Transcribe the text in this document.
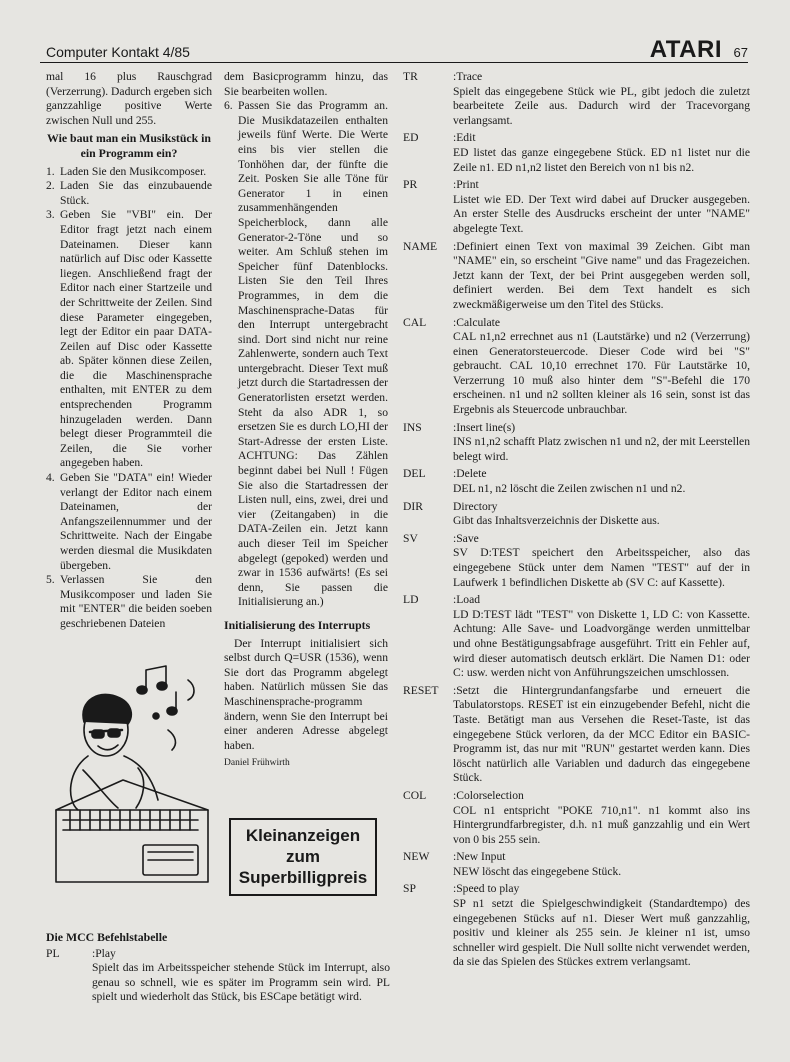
Computer Kontakt 4/85	ATARI 67

mal 16 plus Rauschgrad (Verzerrung). Dadurch ergeben sich ganzzahlige positive Werte zwischen Null und 255.

Wie baut man ein Musikstück in ein Programm ein?
1. Laden Sie den Musikcomposer.
2. Laden Sie das einzubauende Stück.
3. Geben Sie "VBI" ein. Der Editor fragt jetzt nach einem Dateinamen. Dieser kann natürlich auf Disc oder Kassette liegen. Anschließend fragt der Editor nach einer Startzeile und der Schrittweite der Zeilen. Sind diese Parameter eingegeben, legt der Editor ein paar DATA-Zeilen auf Disc oder Kassette ab. Später können diese Zeilen, die die Maschinensprache enthalten, mit ENTER zu dem entsprechenden Programm hinzugeladen werden. Dann belegt dieser Programmteil die Zeilen, die Sie vorher angegeben haben.
4. Geben Sie "DATA" ein! Wieder verlangt der Editor nach einem Dateinamen, der Anfangszeilennummer und der Schrittweite. Nach der Eingabe werden diesmal die Musikdaten übergeben.
5. Verlassen Sie den Musikcomposer und laden Sie mit "ENTER" die beiden soeben geschriebenen Dateien

dem Basicprogramm hinzu, das Sie bearbeiten wollen.

6. Passen Sie das Programm an. Die Musikdatazeilen enthalten jeweils fünf Werte. Die Werte eins bis vier stellen die Tonhöhen dar, der fünfte die Zeit. Posken Sie alle Töne für Generator 1 in einen zusammenhängenden Speicherblock, dann alle Generator-2-Töne und so weiter. Am Schluß stehen im Speicher fünf Datenblocks. Listen Sie den Teil Ihres Programmes, in dem die Maschinensprache-Datas für den Interrupt untergebracht sind. Dort sind nicht nur reine Zahlenwerte, sondern auch Text untergebracht. Dieser Text muß jetzt durch die Startadressen der Generatorlisten ersetzt werden. Steht da also ADR 1, so ersetzen Sie es durch LO,HI der Start-Adresse der ersten Liste. ACHTUNG: Das Zählen beginnt dabei bei Null ! Fügen Sie also die Startadressen der Listen null, eins, zwei, drei und vier (Zeitangaben) in die DATA-Zeilen ein. Jetzt kann auch dieser Teil im Speicher abgelegt (gepoked) werden und zwar in 1536 aufwärts! (Es sei denn, Sie passen die Initialisierung an.)
Initialisierung des Interrupts

Der Interrupt initialisiert sich selbst durch Q=USR (1536), wenn Sie dort das Programm abgelegt haben. Natürlich müssen Sie das Maschinensprache-programm ändern, wenn Sie den Interrupt bei einer anderen Adresse abgelegt haben.

Daniel Frühwirth
Kleinanzeigen
zum
Superbilligpreis
Die MCC Befehlstabelle
PL	:Play
Spielt das im Arbeitsspeicher stehende Stück im Interrupt, also genau so schnell, wie es später im Programm sein wird. PL spielt und wiederholt das Stück, bis ESCape betätigt wird.
TR	:Trace
Spielt das eingegebene Stück wie PL, gibt jedoch die zuletzt bearbeitete Zeile aus. Dadurch wird der Tracevorgang verlangsamt.
ED	:Edit
ED listet das ganze eingegebene Stück. ED n1 listet nur die Zeile n1. ED n1,n2 listet den Bereich von n1 bis n2.
PR	:Print
Listet wie ED. Der Text wird dabei auf Drucker ausgegeben. An erster Stelle des Ausdrucks erscheint der unter "NAME" abgelegte Text.
NAME	:Definiert einen Text von maximal 39 Zeichen. Gibt man "NAME" ein, so erscheint "Give name" und das Fragezeichen. Jetzt kann der Text, der bei Print ausgegeben werden soll, definiert werden. Bei dem Text handelt es sich zweckmäßigerweise um den Titel des Stücks.
CAL	:Calculate
CAL n1,n2 errechnet aus n1 (Lautstärke) und n2 (Verzerrung) einen Generatorsteuercode. Dieser Code wird bei "S" gebraucht. CAL 10,10 errechnet 170. Für Lautstärke 10, Verzerrung 10 muß also hinter dem "S"-Befehl die 170 erscheinen. n1 und n2 sollten kleiner als 16 sein, sonst ist das Ergebnis als Steuercode unbrauchbar.
INS	:Insert line(s)
INS n1,n2 schafft Platz zwischen n1 und n2, der mit Leerstellen belegt wird.
DEL	:Delete
DEL n1, n2 löscht die Zeilen zwischen n1 und n2.
DIR	Directory
Gibt das Inhaltsverzeichnis der Diskette aus.
SV	:Save
SV D:TEST speichert den Arbeitsspeicher, also das eingegebene Stück unter dem Namen "TEST" auf der in Laufwerk 1 befindlichen Diskette ab (SV C: auf Kassette).
LD	:Load
LD D:TEST lädt "TEST" von Diskette 1, LD C: von Kassette. Achtung: Alle Save- und Loadvorgänge werden unmittelbar und ohne Bestätigungsabfrage ausgeführt. Tritt ein Fehler auf, wird dieser automatisch deutsch erklärt. Die Namen D1: oder C: usw. werden nicht von Anführungszeichen umschlossen.
RESET	:Setzt die Hintergrundanfangsfarbe und erneuert die Tabulatorstops. RESET ist ein einzugebender Befehl, nicht die Taste. Betätigt man aus Versehen die Reset-Taste, ist das eingegebene Stück verloren, da der MCC Editor ein BASIC-Programm ist, das nur mit "RUN" gestartet werden kann. Dies löscht natürlich alle Variablen und dadurch das eingegebene Stück.
COL	:Colorselection
COL n1 entspricht "POKE 710,n1". n1 kommt also ins Hintergrundfarbregister, d.h. n1 muß ganzzahlig und ein Wert von 0 bis 255 sein.
NEW	:New Input
NEW löscht das eingegebene Stück.
SP	:Speed to play
SP n1 setzt die Spielgeschwindigkeit (Standardtempo) des eingegebenen Stücks auf n1. Dieser Wert muß ganzzahlig, positiv und kleiner als 255 sein. Je kleiner n1 ist, umso schneller wird gespielt. Die Null sollte nicht verwendet werden, da sie das Spielen des Stückes extrem verlangsamt.
